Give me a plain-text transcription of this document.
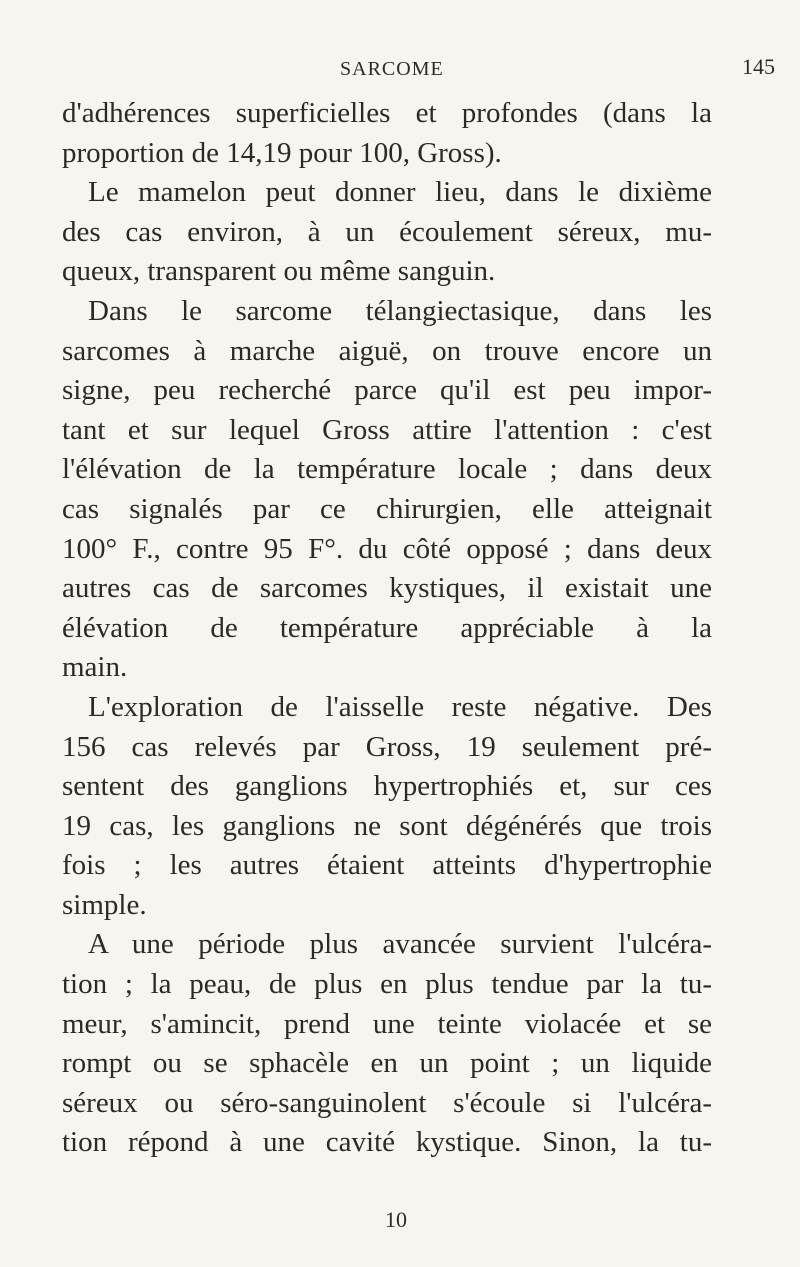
SARCOME	145
d'adhérences superficielles et profondes (dans la
proportion de 14,19 pour 100, Gross).
Le mamelon peut donner lieu, dans le dixième
des cas environ, à un écoulement séreux, mu-
queux, transparent ou même sanguin.
Dans le sarcome télangiectasique, dans les
sarcomes à marche aiguë, on trouve encore un
signe, peu recherché parce qu'il est peu impor-
tant et sur lequel Gross attire l'attention : c'est
l'élévation de la température locale ; dans deux
cas signalés par ce chirurgien, elle atteignait
100° F., contre 95 F°. du côté opposé ; dans deux
autres cas de sarcomes kystiques, il existait une
élévation de température appréciable à la
main.
L'exploration de l'aisselle reste négative. Des
156 cas relevés par Gross, 19 seulement pré-
sentent des ganglions hypertrophiés et, sur ces
19 cas, les ganglions ne sont dégénérés que trois
fois ; les autres étaient atteints d'hypertrophie
simple.
A une période plus avancée survient l'ulcéra-
tion ; la peau, de plus en plus tendue par la tu-
meur, s'amincit, prend une teinte violacée et se
rompt ou se sphacèle en un point ; un liquide
séreux ou séro-sanguinolent s'écoule si l'ulcéra-
tion répond à une cavité kystique. Sinon, la tu-
10
